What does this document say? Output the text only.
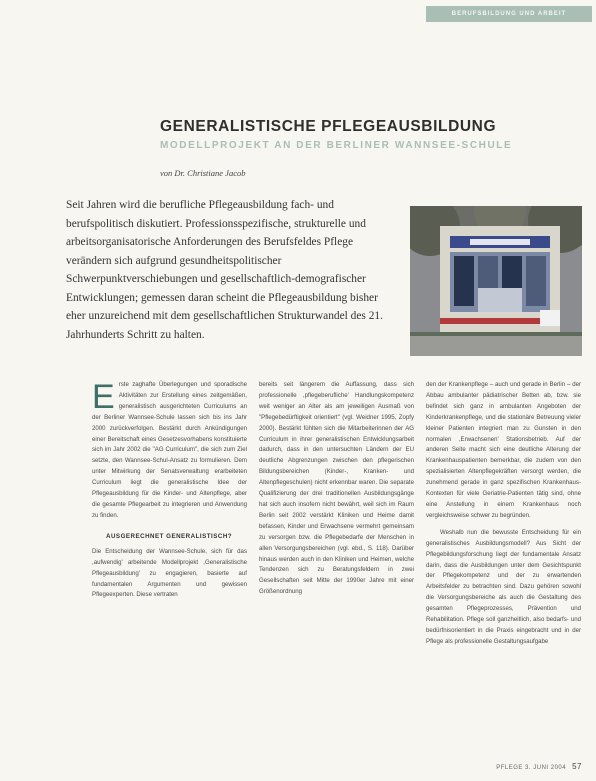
BERUFSBILDUNG UND ARBEIT
GENERALISTISCHE PFLEGEAUSBILDUNG
MODELLPROJEKT AN DER BERLINER WANNSEE-SCHULE
von Dr. Christiane Jacob

Seit Jahren wird die berufliche Pflegeausbildung fach- und berufspolitisch diskutiert. Professionsspezifische, strukturelle und arbeitsorganisatorische Anforderungen des Berufsfeldes Pflege verändern sich aufgrund gesundheitspolitischer Schwerpunktverschiebungen und gesellschaftlich-demografischer Entwicklungen; gemessen daran scheint die Pflegeausbildung bisher eher unzureichend mit dem gesellschaftlichen Strukturwandel des 21. Jahrhunderts Schritt zu halten.

Erste zaghafte Überlegungen und sporadische Aktivitäten zur Erstellung eines zeitgemäßen, generalistisch ausgerichteten Curriculums an der Berliner Wannsee-Schule lassen sich bis ins Jahr 2000 zurückverfolgen. Bestärkt durch Ankündigungen einer Bereitschaft eines Gesetzesvorhabens konstituierte sich im Jahr 2002 die "AG Curriculum", die sich zum Ziel setzte, den Wannsee-Schul-Ansatz zu formulieren. Dem unter Mitwirkung der Senatsverwaltung erarbeiteten Curriculum liegt die generalistische Idee der Pflegeausbildung für die Kinder- und Altenpflege, aber die gesamte Pflegearbeit zu integrieren und Anwendung zu finden.

AUSGERECHNET GENERALISTISCH?

Die Entscheidung der Wannsee-Schule, sich für das ,aufwendig' arbeitende Modellprojekt ,Generalistische Pflegeausbildung' zu engagieren, basierte auf fundamentalen Argumenten und gewissen Pflegeexperten. Diese vertraten

bereits seit längerem die Auffassung, dass sich professionelle ,pflegeberufliche' Handlungskompetenz weit weniger an Alter als am jeweiligen Ausmaß von "Pflegebedürftigkeit orientiert" (vgl. Weidner 1995, Zopfy 2000). Bestärkt fühlten sich die Mitarbeiterinnen der AG Curriculum in ihrer generalistischen Entwicklungsarbeit dadurch, dass in den untersuchten Ländern der EU deutliche Abgrenzungen zwischen den pflegerischen Bildungsbereichen (Kinder-, Kranken- und Altenpflegeschulen) nicht erkennbar waren. Die separate Qualifizierung der drei traditionellen Ausbildungsgänge hat sich auch insofern nicht bewährt, weil sich im Raum Berlin seit 2002 verstärkt Kliniken und Heime damit befassen, Kinder und Erwachsene vermehrt gemeinsam zu versorgen bzw. die Pflegebedarfe der Menschen in allen Versorgungsbereichen (vgl. ebd., S. 118). Darüber hinaus werden auch in den Kliniken und Heimen, welche Tendenzen sich zu Beratungsfeldern in zwei Gesellschaften seit Mitte der 1990er Jahre mit einer Größenordnung

den der Krankenpflege – auch und gerade in Berlin – der Abbau ambulanter pädiatrischer Betten ab, bzw. sie befindet sich ganz in ambulanten Angeboten der Kinderkrankenpflege, und die stationäre Betreuung vieler kleiner Patienten integriert man zu Gunsten in den normalen ,Erwachsenen' Stationsbetrieb. Auf der anderen Seite macht sich eine deutliche Alterung der Krankenhauspatienten bemerkbar, die zudem von den spezialisierten Altenpflegekräften versorgt werden, die zunehmend gerade in ganz spezifischen Krankenhaus-Kontexten für viele Geriatrie-Patienten tätig sind, ohne eine Anstellung in einem Krankenhaus noch vergleichsweise schwer zu begründen.

Weshalb nun die bewusste Entscheidung für ein generalistisches Ausbildungsmodell? Aus Sicht der Pflegebildungsforschung liegt der fundamentale Ansatz darin, dass die Ausbildungen unter dem Gesichtspunkt der Pflegekompetenz und der zu erwartenden Arbeitsfelder zu betrachten sind. Dazu gehören sowohl die Versorgungsbereiche als auch die Gestaltung des gesamten Pflegeprozesses, Prävention und Rehabilitation. Pflege soll ganzheitlich, also bedarfs- und bedürfnisorientiert in die Praxis eingebracht und in der Pflege als professionelle Gestaltungsaufgabe

PFLEGE 3. JUNI 2004 57
